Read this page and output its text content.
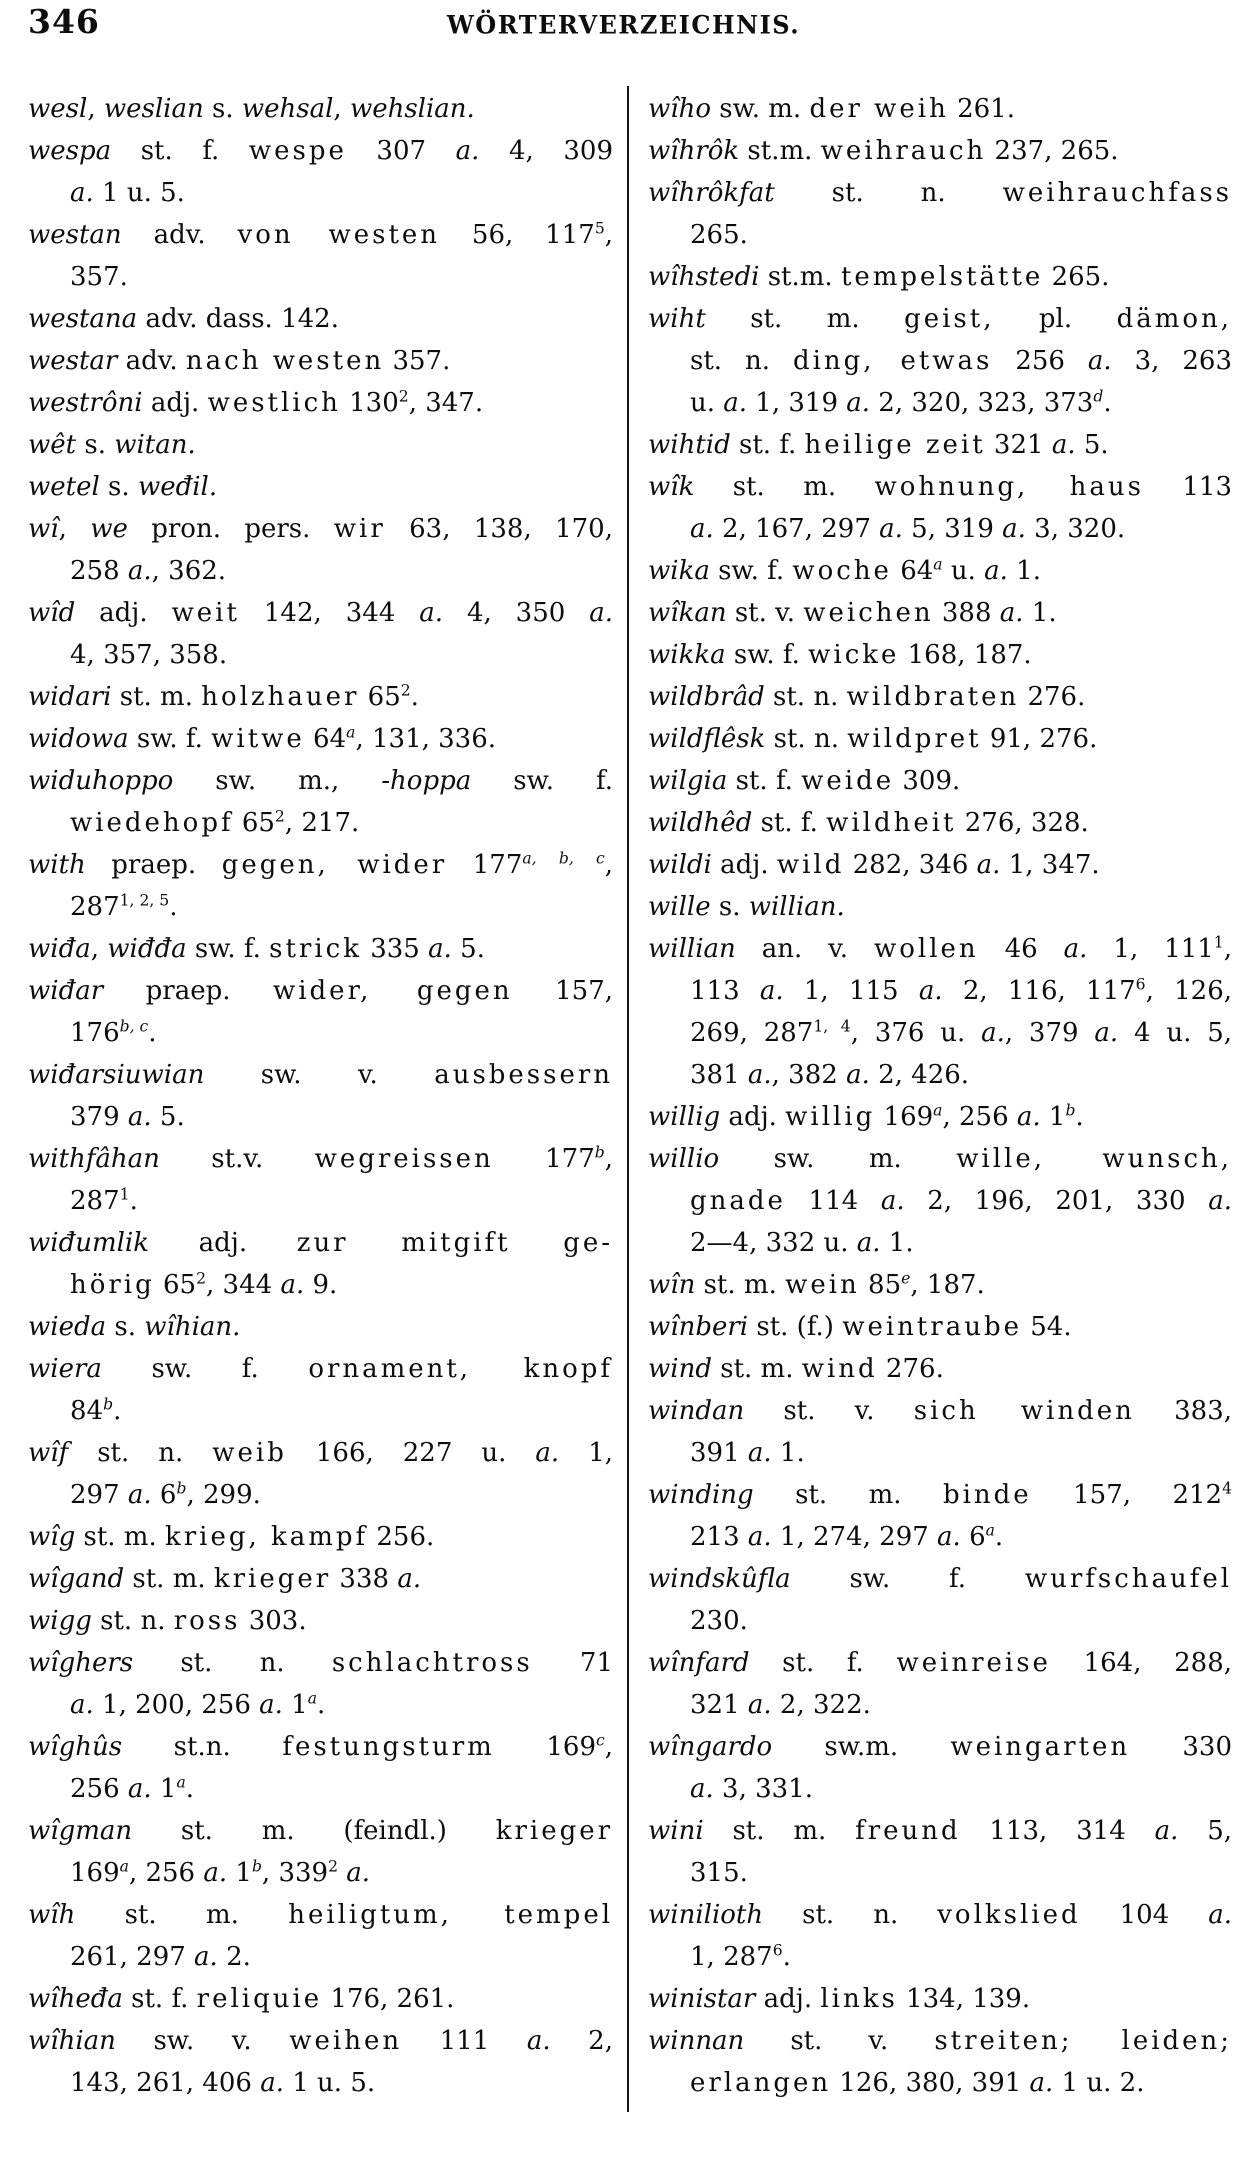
346	WÖRTERVERZEICHNIS.
wesl, weslian s. wehsal, wehslian.
wespa st. f. wespe 307 a. 4, 309
a. 1 u. 5.
westan adv. von westen 56, $117^5$,
357.
westana adv. dass. 142.
westar adv. nach westen 357.
westrôni adj. westlich $130^2$, 347.
wêt s. witan.
wetel s. weđil.
wî, we pron. pers. wir 63, 138, 170,
258 a., 362.
wîd adj. weit 142, 344 a. 4, 350 a.
4, 357, 358.
widari st. m. holzhauer $65^2$.
widowa sw. f. witwe 64$^a$, 131, 336.
widuhoppo sw. m., -hoppa sw. f.
wiedehopf $65^2$, 217.
with praep. gegen, wider 177$^{a, b, c}$,
287$^{1, 2, 5}$.
wiđa, wiđđa sw. f. strick 335 a. 5.
wiđar praep. wider, gegen 157,
176$^{b, c}$.
wiđarsiuwian sw. v. ausbessern
379 a. 5.
withfâhan st.v. wegreissen 177$^b$,
$287^1$.
wiđumlik adj. zur mitgift ge-
hörig $65^2$, 344 a. 9.
wieda s. wîhian.
wiera sw. f. ornament, knopf
84$^b$.
wîf st. n. weib 166, 227 u. a. 1,
297 a. 6$^b$, 299.
wîg st. m. krieg, kampf 256.
wîgand st. m. krieger 338 a.
wigg st. n. ross 303.
wîghers st. n. schlachtross 71
a. 1, 200, 256 a. 1$^a$.
wîghûs st.n. festungsturm 169$^c$,
256 a. 1$^a$.
wîgman st. m. (feindl.) krieger
169$^a$, 256 a. 1$^b$, $339^2$ a.
wîh st. m. heiligtum, tempel
261, 297 a. 2.
wîheđa st. f. reliquie 176, 261.
wîhian sw. v. weihen 111 a. 2,
143, 261, 406 a. 1 u. 5.
wîho sw. m. der weih 261.
wîhrôk st.m. weihrauch 237, 265.
wîhrôkfat st. n. weihrauchfass
265.
wîhstedi st.m. tempelstätte 265.
wiht st. m. geist, pl. dämon,
st. n. ding, etwas 256 a. 3, 263
u. a. 1, 319 a. 2, 320, 323, 373$^d$.
wihtid st. f. heilige zeit 321 a. 5.
wîk st. m. wohnung, haus 113
a. 2, 167, 297 a. 5, 319 a. 3, 320.
wika sw. f. woche 64$^a$ u. a. 1.
wîkan st. v. weichen 388 a. 1.
wikka sw. f. wicke 168, 187.
wildbrâd st. n. wildbraten 276.
wildflêsk st. n. wildpret 91, 276.
wilgia st. f. weide 309.
wildhêd st. f. wildheit 276, 328.
wildi adj. wild 282, 346 a. 1, 347.
wille s. willian.
willian an. v. wollen 46 a. 1, $111^1$,
113 a. 1, 115 a. 2, 116, $117^6$, 126,
269, 287$^{1, 4}$, 376 u. a., 379 a. 4 u. 5,
381 a., 382 a. 2, 426.
willig adj. willig 169$^a$, 256 a. 1$^b$.
willio sw. m. wille, wunsch,
gnade 114 a. 2, 196, 201, 330 a.
2—4, 332 u. a. 1.
wîn st. m. wein 85e, 187.
wînberi st. (f.) weintraube 54.
wind st. m. wind 276.
windan st. v. sich winden 383,
391 a. 1.
winding st. m. binde 157, $212^4$
213 a. 1, 274, 297 a. 6$^a$.
windskûfla sw. f. wurfschaufel
230.
wînfard st. f. weinreise 164, 288,
321 a. 2, 322.
wîngardo sw.m. weingarten 330
a. 3, 331.
wini st. m. freund 113, 314 a. 5,
315.
winilioth st. n. volkslied 104 a.
1, $287^6$.
winistar adj. links 134, 139.
winnan st. v. streiten; leiden;
erlangen 126, 380, 391 a. 1 u. 2.
